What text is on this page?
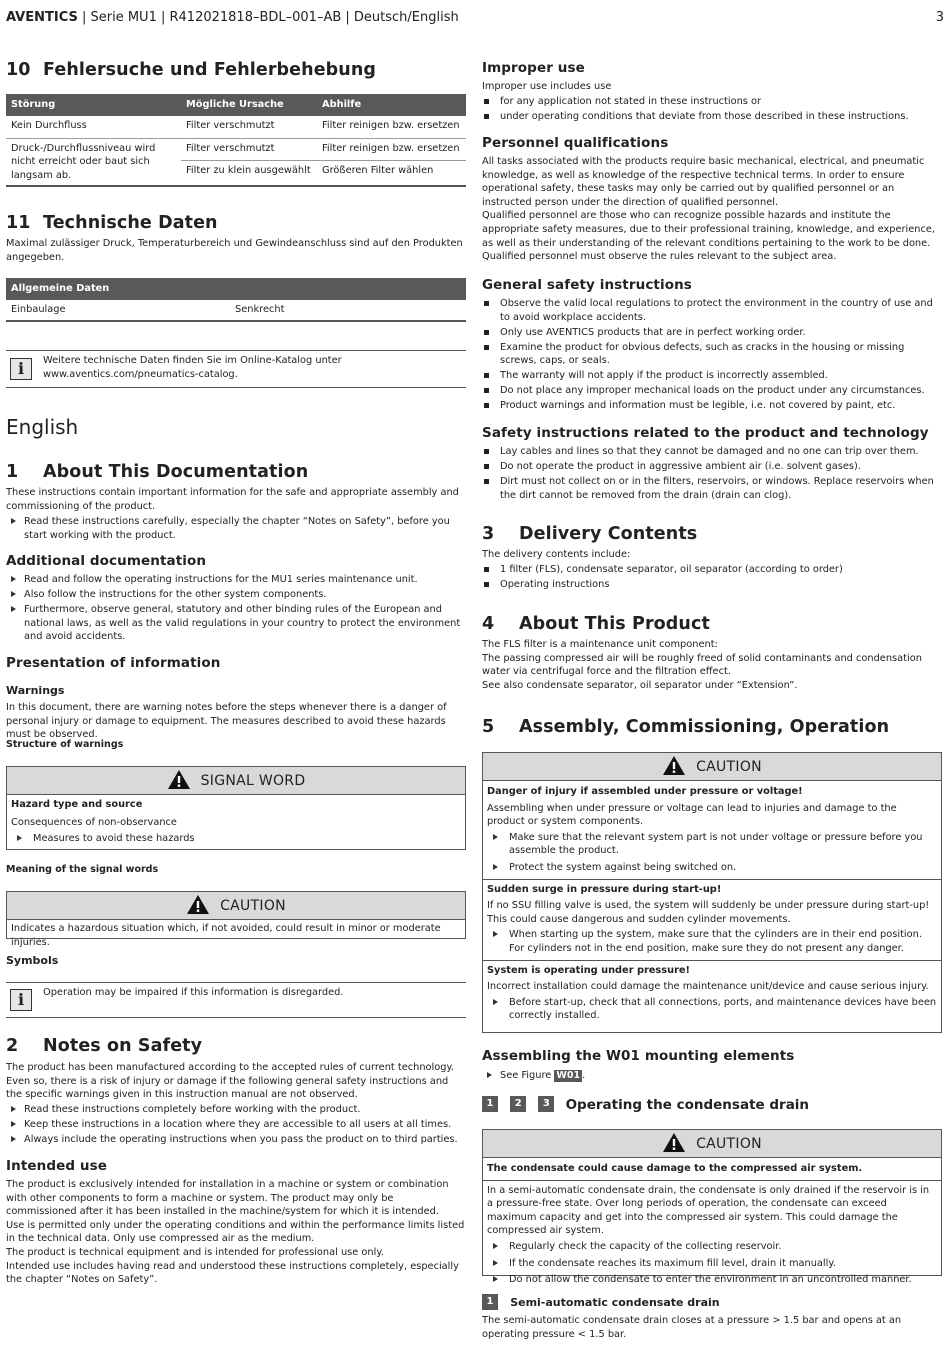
AVENTICS | Serie MU1 | R412021818–BDL–001–AB | Deutsch/English	3
10 Fehlersuche und Fehlerbehebung
Störung	Mögliche Ursache	Abhilfe
Kein Durchfluss	Filter verschmutzt	Filter reinigen bzw. ersetzen
Druck-/Durchflussniveau wird nicht erreicht oder baut sich langsam ab.	Filter verschmutzt	Filter reinigen bzw. ersetzen
	Filter zu klein ausgewählt	Größeren Filter wählen
11 Technische Daten
Maximal zulässiger Druck, Temperaturbereich und Gewindeanschluss sind auf den Produkten angegeben.
Allgemeine Daten
Einbaulage	Senkrecht
i	Weitere technische Daten finden Sie im Online-Katalog unter www.aventics.com/pneumatics-catalog.
English
1 About This Documentation
These instructions contain important information for the safe and appropriate assembly and commissioning of the product.
Read these instructions carefully, especially the chapter “Notes on Safety”, before you start working with the product.
Additional documentation
Read and follow the operating instructions for the MU1 series maintenance unit.
Also follow the instructions for the other system components.
Furthermore, observe general, statutory and other binding rules of the European and national laws, as well as the valid regulations in your country to protect the environment and avoid accidents.
Presentation of information
Warnings
In this document, there are warning notes before the steps whenever there is a danger of personal injury or damage to equipment. The measures described to avoid these hazards must be observed.
Structure of warnings
SIGNAL WORD
Hazard type and source
Consequences of non-observance
Measures to avoid these hazards
Meaning of the signal words
CAUTION
Indicates a hazardous situation which, if not avoided, could result in minor or moderate injuries.
Symbols
i	Operation may be impaired if this information is disregarded.
2 Notes on Safety
The product has been manufactured according to the accepted rules of current technology. Even so, there is a risk of injury or damage if the following general safety instructions and the specific warnings given in this instruction manual are not observed.
Read these instructions completely before working with the product.
Keep these instructions in a location where they are accessible to all users at all times.
Always include the operating instructions when you pass the product on to third parties.
Intended use
The product is exclusively intended for installation in a machine or system or combination with other components to form a machine or system. The product may only be commissioned after it has been installed in the machine/system for which it is intended.
Use is permitted only under the operating conditions and within the performance limits listed in the technical data. Only use compressed air as the medium.
The product is technical equipment and is intended for professional use only.
Intended use includes having read and understood these instructions completely, especially the chapter “Notes on Safety”.
Improper use
Improper use includes use
for any application not stated in these instructions or
under operating conditions that deviate from those described in these instructions.
Personnel qualifications
All tasks associated with the products require basic mechanical, electrical, and pneumatic knowledge, as well as knowledge of the respective technical terms. In order to ensure operational safety, these tasks may only be carried out by qualified personnel or an instructed person under the direction of qualified personnel.
Qualified personnel are those who can recognize possible hazards and institute the appropriate safety measures, due to their professional training, knowledge, and experience, as well as their understanding of the relevant conditions pertaining to the work to be done. Qualified personnel must observe the rules relevant to the subject area.
General safety instructions
Observe the valid local regulations to protect the environment in the country of use and to avoid workplace accidents.
Only use AVENTICS products that are in perfect working order.
Examine the product for obvious defects, such as cracks in the housing or missing screws, caps, or seals.
The warranty will not apply if the product is incorrectly assembled.
Do not place any improper mechanical loads on the product under any circumstances.
Product warnings and information must be legible, i.e. not covered by paint, etc.
Safety instructions related to the product and technology
Lay cables and lines so that they cannot be damaged and no one can trip over them.
Do not operate the product in aggressive ambient air (i.e. solvent gases).
Dirt must not collect on or in the filters, reservoirs, or windows. Replace reservoirs when the dirt cannot be removed from the drain (drain can clog).
3 Delivery Contents
The delivery contents include:
1 filter (FLS), condensate separator, oil separator (according to order)
Operating instructions
4 About This Product
The FLS filter is a maintenance unit component:
The passing compressed air will be roughly freed of solid contaminants and condensation water via centrifugal force and the filtration effect.
See also condensate separator, oil separator under “Extension”.
5 Assembly, Commissioning, Operation
CAUTION
Danger of injury if assembled under pressure or voltage!
Assembling when under pressure or voltage can lead to injuries and damage to the product or system components.
Make sure that the relevant system part is not under voltage or pressure before you assemble the product.
Protect the system against being switched on.
Sudden surge in pressure during start-up!
If no SSU filling valve is used, the system will suddenly be under pressure during start-up! This could cause dangerous and sudden cylinder movements.
When starting up the system, make sure that the cylinders are in their end position. For cylinders not in the end position, make sure they do not present any danger.
System is operating under pressure!
Incorrect installation could damage the maintenance unit/device and cause serious injury.
Before start-up, check that all connections, ports, and maintenance devices have been correctly installed.
Assembling the W01 mounting elements
See Figure W01 .
1 2 3 Operating the condensate drain
CAUTION
The condensate could cause damage to the compressed air system.
In a semi-automatic condensate drain, the condensate is only drained if the reservoir is in a pressure-free state. Over long periods of operation, the condensate can exceed maximum capacity and get into the compressed air system. This could damage the compressed air system.
Regularly check the capacity of the collecting reservoir.
If the condensate reaches its maximum fill level, drain it manually.
Do not allow the condensate to enter the environment in an uncontrolled manner.
1 Semi-automatic condensate drain
The semi-automatic condensate drain closes at a pressure > 1.5 bar and opens at an operating pressure < 1.5 bar.
